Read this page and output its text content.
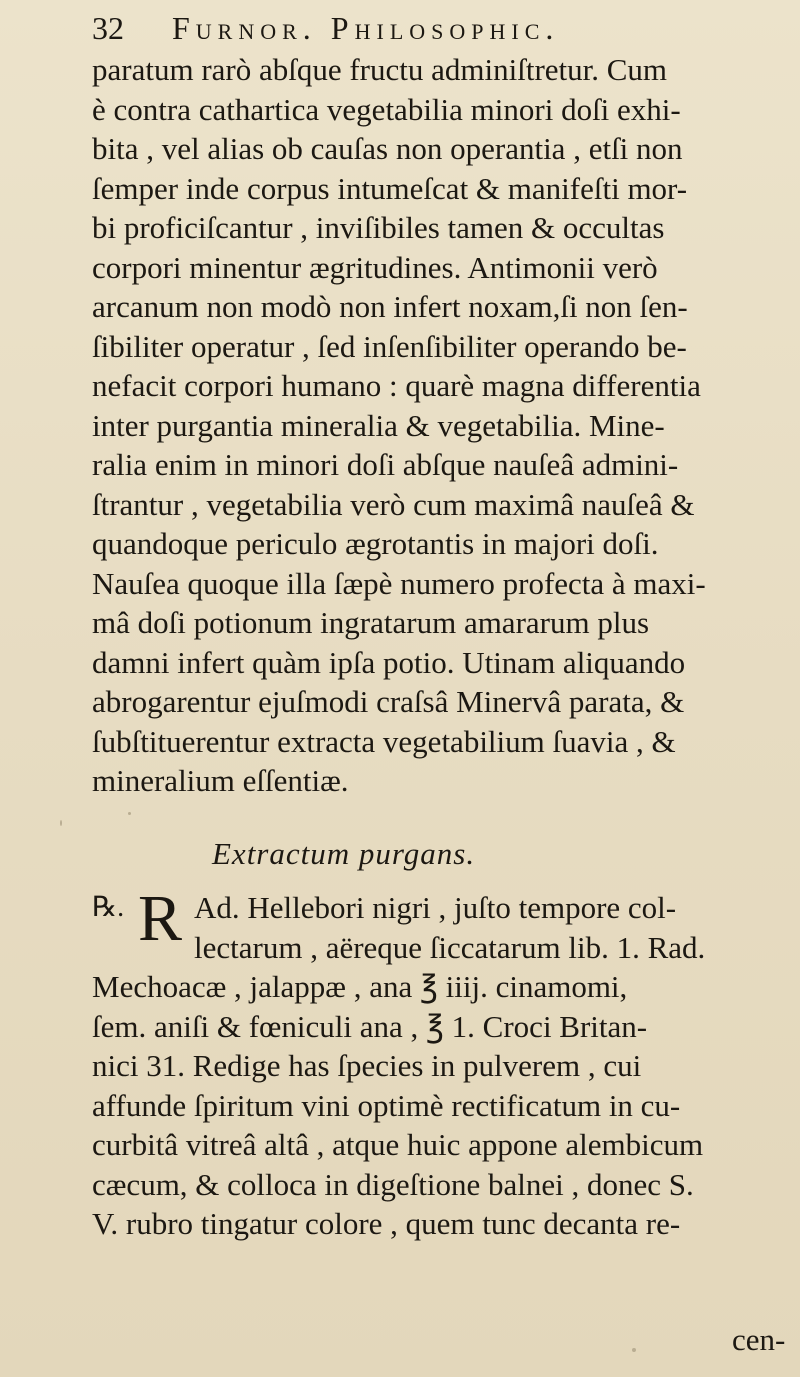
32	Furnor. Philosophic.
paratum rarò abſque fructu adminiſtretur. Cum
è contra cathartica vegetabilia minori doſi exhi-
bita , vel alias ob cauſas non operantia , etſi non
ſemper inde corpus intumeſcat & manifeſti mor-
bi proficiſcantur , inviſibiles tamen & occultas
corpori minentur ægritudines. Antimonii verò
arcanum non modò non infert noxam,ſi non ſen-
ſibiliter operatur , ſed inſenſibiliter operando be-
nefacit corpori humano : quarè magna differentia
inter purgantia mineralia & vegetabilia. Mine-
ralia enim in minori doſi abſque nauſeâ admini-
ſtrantur , vegetabilia verò cum maximâ nauſeâ &
quandoque periculo ægrotantis in majori doſi.
Nauſea quoque illa ſæpè numero profecta à maxi-
mâ doſi potionum ingratarum amararum plus
damni infert quàm ipſa potio. Utinam aliquando
abrogarentur ejuſmodi craſsâ Minervâ parata, &
ſubſtituerentur extracta vegetabilium ſuavia , &
mineralium eſſentiæ.
Extractum purgans.
℞. R Ad. Hellebori nigri , juſto tempore col-
lectarum , aëreque ſiccatarum lib. 1. Rad.
Mechoacæ , jalappæ , ana ℥ iiij. cinamomi,
ſem. aniſi & fœniculi ana , ℥ 1. Croci Britan-
nici 31. Redige has ſpecies in pulverem , cui
affunde ſpiritum vini optimè rectificatum in cu-
curbitâ vitreâ altâ , atque huic appone alembicum
cæcum, & colloca in digeſtione balnei , donec S.
V. rubro tingatur colore , quem tunc decanta re-
cen-
